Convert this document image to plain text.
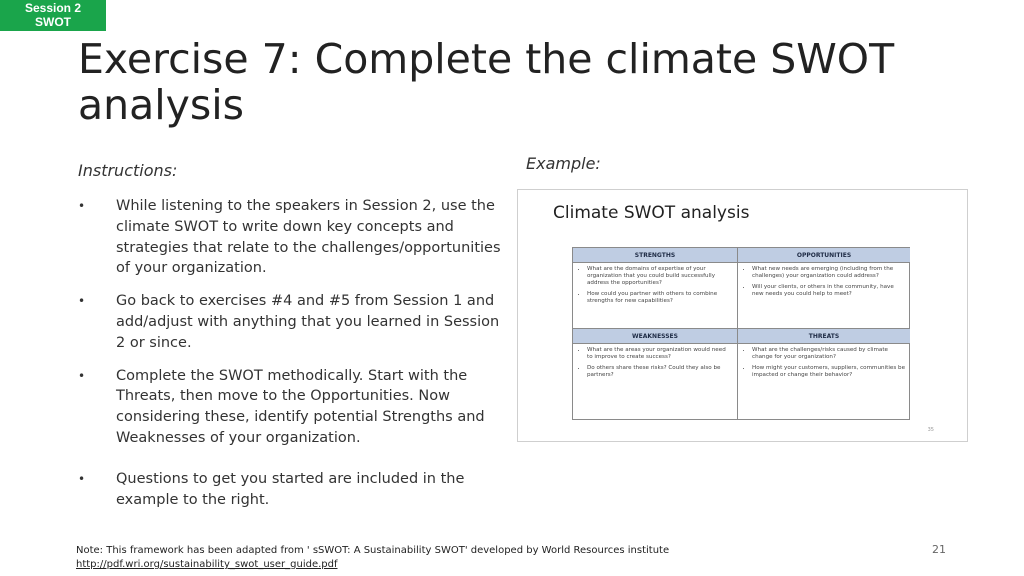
Session 2
SWOT
Exercise 7: Complete the climate SWOT analysis
Instructions:
• While listening to the speakers in Session 2, use the climate SWOT to write down key concepts and strategies that relate to the challenges/opportunities of your organization.
• Go back to exercises #4 and #5 from Session 1 and add/adjust with anything that you learned in Session 2 or since.
• Complete the SWOT methodically. Start with the Threats, then move to the Opportunities. Now considering these, identify potential Strengths and Weaknesses of your organization.
• Questions to get you started are included in the example to the right.
Example:
Climate SWOT analysis
STRENGTHS	OPPORTUNITIES
• What are the domains of expertise of your organization that you could build successfully address the opportunities?
• How could you partner with others to combine strengths for new capabilities?
• What new needs are emerging (including from the challenges) your organization could address?
• Will your clients, or others in the community, have new needs you could help to meet?
WEAKNESSES	THREATS
• What are the areas your organization would need to improve to create success?
• Do others share these risks? Could they also be partners?
• What are the challenges/risks caused by climate change for your organization?
• How might your customers, suppliers, communities be impacted or change their behavior?
35
Note: This framework has been adapted from ' sSWOT: A Sustainability SWOT' developed by World Resources institute
http://pdf.wri.org/sustainability_swot_user_guide.pdf
21
